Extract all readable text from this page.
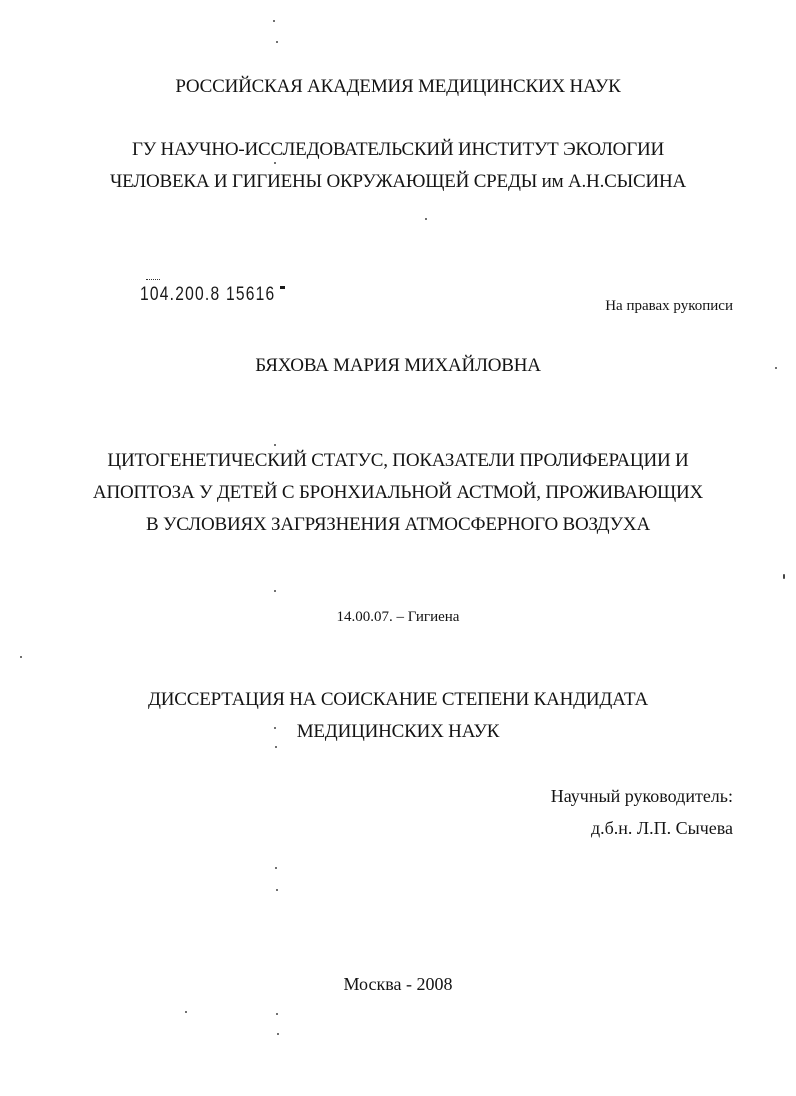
РОССИЙСКАЯ АКАДЕМИЯ МЕДИЦИНСКИХ НАУК
ГУ НАУЧНО-ИССЛЕДОВАТЕЛЬСКИЙ ИНСТИТУТ ЭКОЛОГИИ
ЧЕЛОВЕКА И ГИГИЕНЫ ОКРУЖАЮЩЕЙ СРЕДЫ им А.Н.СЫСИНА
104.200.8 15616
На правах рукописи
БЯХОВА МАРИЯ МИХАЙЛОВНА
ЦИТОГЕНЕТИЧЕСКИЙ СТАТУС, ПОКАЗАТЕЛИ ПРОЛИФЕРАЦИИ И
АПОПТОЗА У ДЕТЕЙ С БРОНХИАЛЬНОЙ АСТМОЙ, ПРОЖИВАЮЩИХ
В УСЛОВИЯХ ЗАГРЯЗНЕНИЯ АТМОСФЕРНОГО ВОЗДУХА
14.00.07. – Гигиена
ДИССЕРТАЦИЯ НА СОИСКАНИЕ СТЕПЕНИ КАНДИДАТА
МЕДИЦИНСКИХ НАУК
Научный руководитель:
д.б.н. Л.П. Сычева
Москва - 2008
